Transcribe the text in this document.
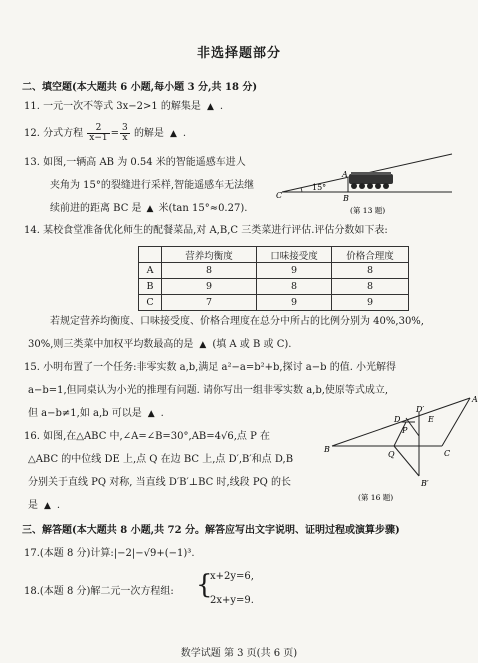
非选择题部分
二、填空题(本大题共 6 小题,每小题 3 分,共 18 分)
11. 一元一次不等式 3x−2>1 的解集是 ▲ .
12. 分式方程 $\frac{2}{x-1} = \frac{3}{x}$ 的解是 ▲ .
13. 如图,一辆高 AB 为 0.54 米的智能遥感车进人
夹角为 15°的裂缝进行采样,智能遥感车无法继
续前进的距离 BC 是 ▲ 米(tan 15°≈0.27).
15°
A
B
C
(第 13 题)
14. 某校食堂准备优化师生的配餐菜品,对 A,B,C 三类菜进行评估.评估分数如下表:
	营养均衡度	口味接受度	价格合理度
A	8	9	8
B	9	8	8
C	7	9	9
若规定营养均衡度、口味接受度、价格合理度在总分中所占的比例分别为 40%,30%,
30%,则三类菜中加权平均数最高的是 ▲ (填 A 或 B 或 C).
15. 小明布置了一个任务:非零实数 a,b,满足 a²−a=b²+b,探讨 a−b 的值. 小光解得
a−b=1,但同桌认为小光的推理有问题. 请你写出一组非零实数 a,b,使原等式成立,
但 a−b≠1,如 a,b 可以是 ▲ .
16. 如图,在△ABC 中,∠A=∠B=30°,AB=4√6,点 P 在
△ABC 的中位线 DE 上,点 Q 在边 BC 上,点 D′,B′和点 D,B
分别关于直线 PQ 对称, 当直线 D′B′⊥BC 时,线段 PQ 的长
是 ▲ .
A
B	C
D	E
P
Q
D′
B′
(第 16 题)
三、解答题(本大题共 8 小题,共 72 分。解答应写出文字说明、证明过程或演算步骤)
17.(本题 8 分)计算:|−2|−√9+(−1)³.
18.(本题 8 分)解二元一次方程组: {
x+2y=6,
2x+y=9.
数学试题 第 3 页(共 6 页)
